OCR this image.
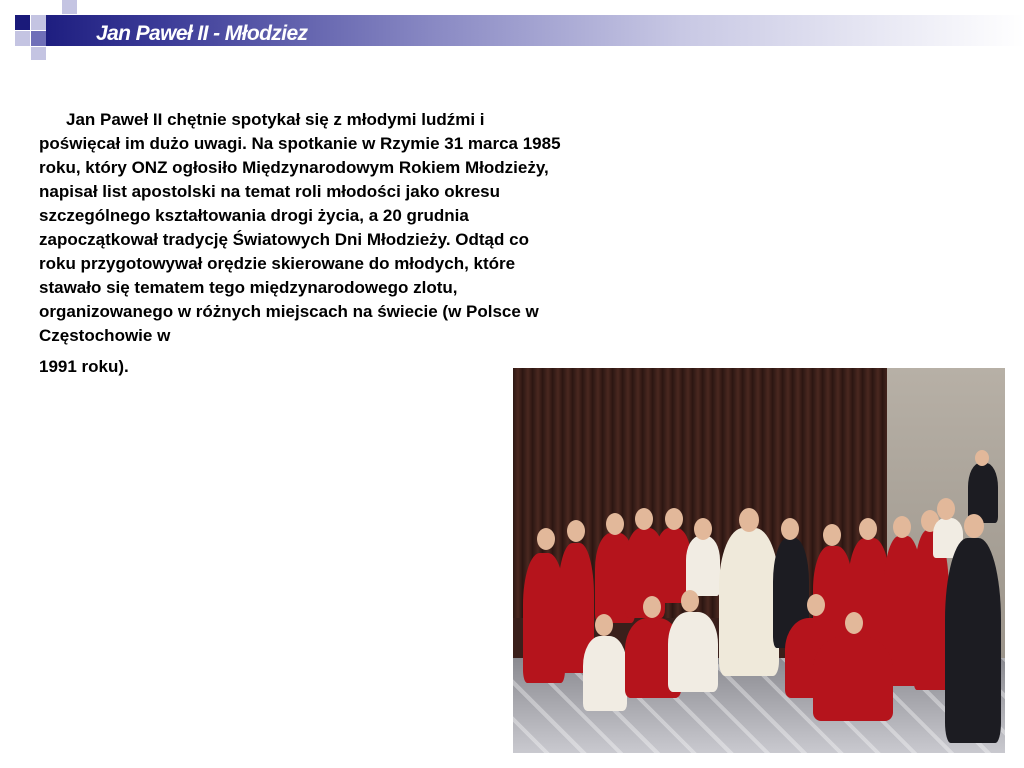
Jan Paweł II - Młodziez

Jan Paweł II chętnie spotykał się z młodymi ludźmi i poświęcał im dużo uwagi. Na spotkanie w Rzymie 31 marca 1985 roku, który ONZ ogłosiło Międzynarodowym Rokiem Młodzieży, napisał list apostolski na temat roli młodości jako okresu szczególnego kształtowania drogi życia, a 20 grudnia zapoczątkował tradycję Światowych Dni Młodzieży. Odtąd co roku przygotowywał orędzie skierowane do młodych, które stawało się tematem tego międzynarodowego zlotu, organizowanego w różnych miejscach na świecie (w Polsce w Częstochowie w
1991 roku).
